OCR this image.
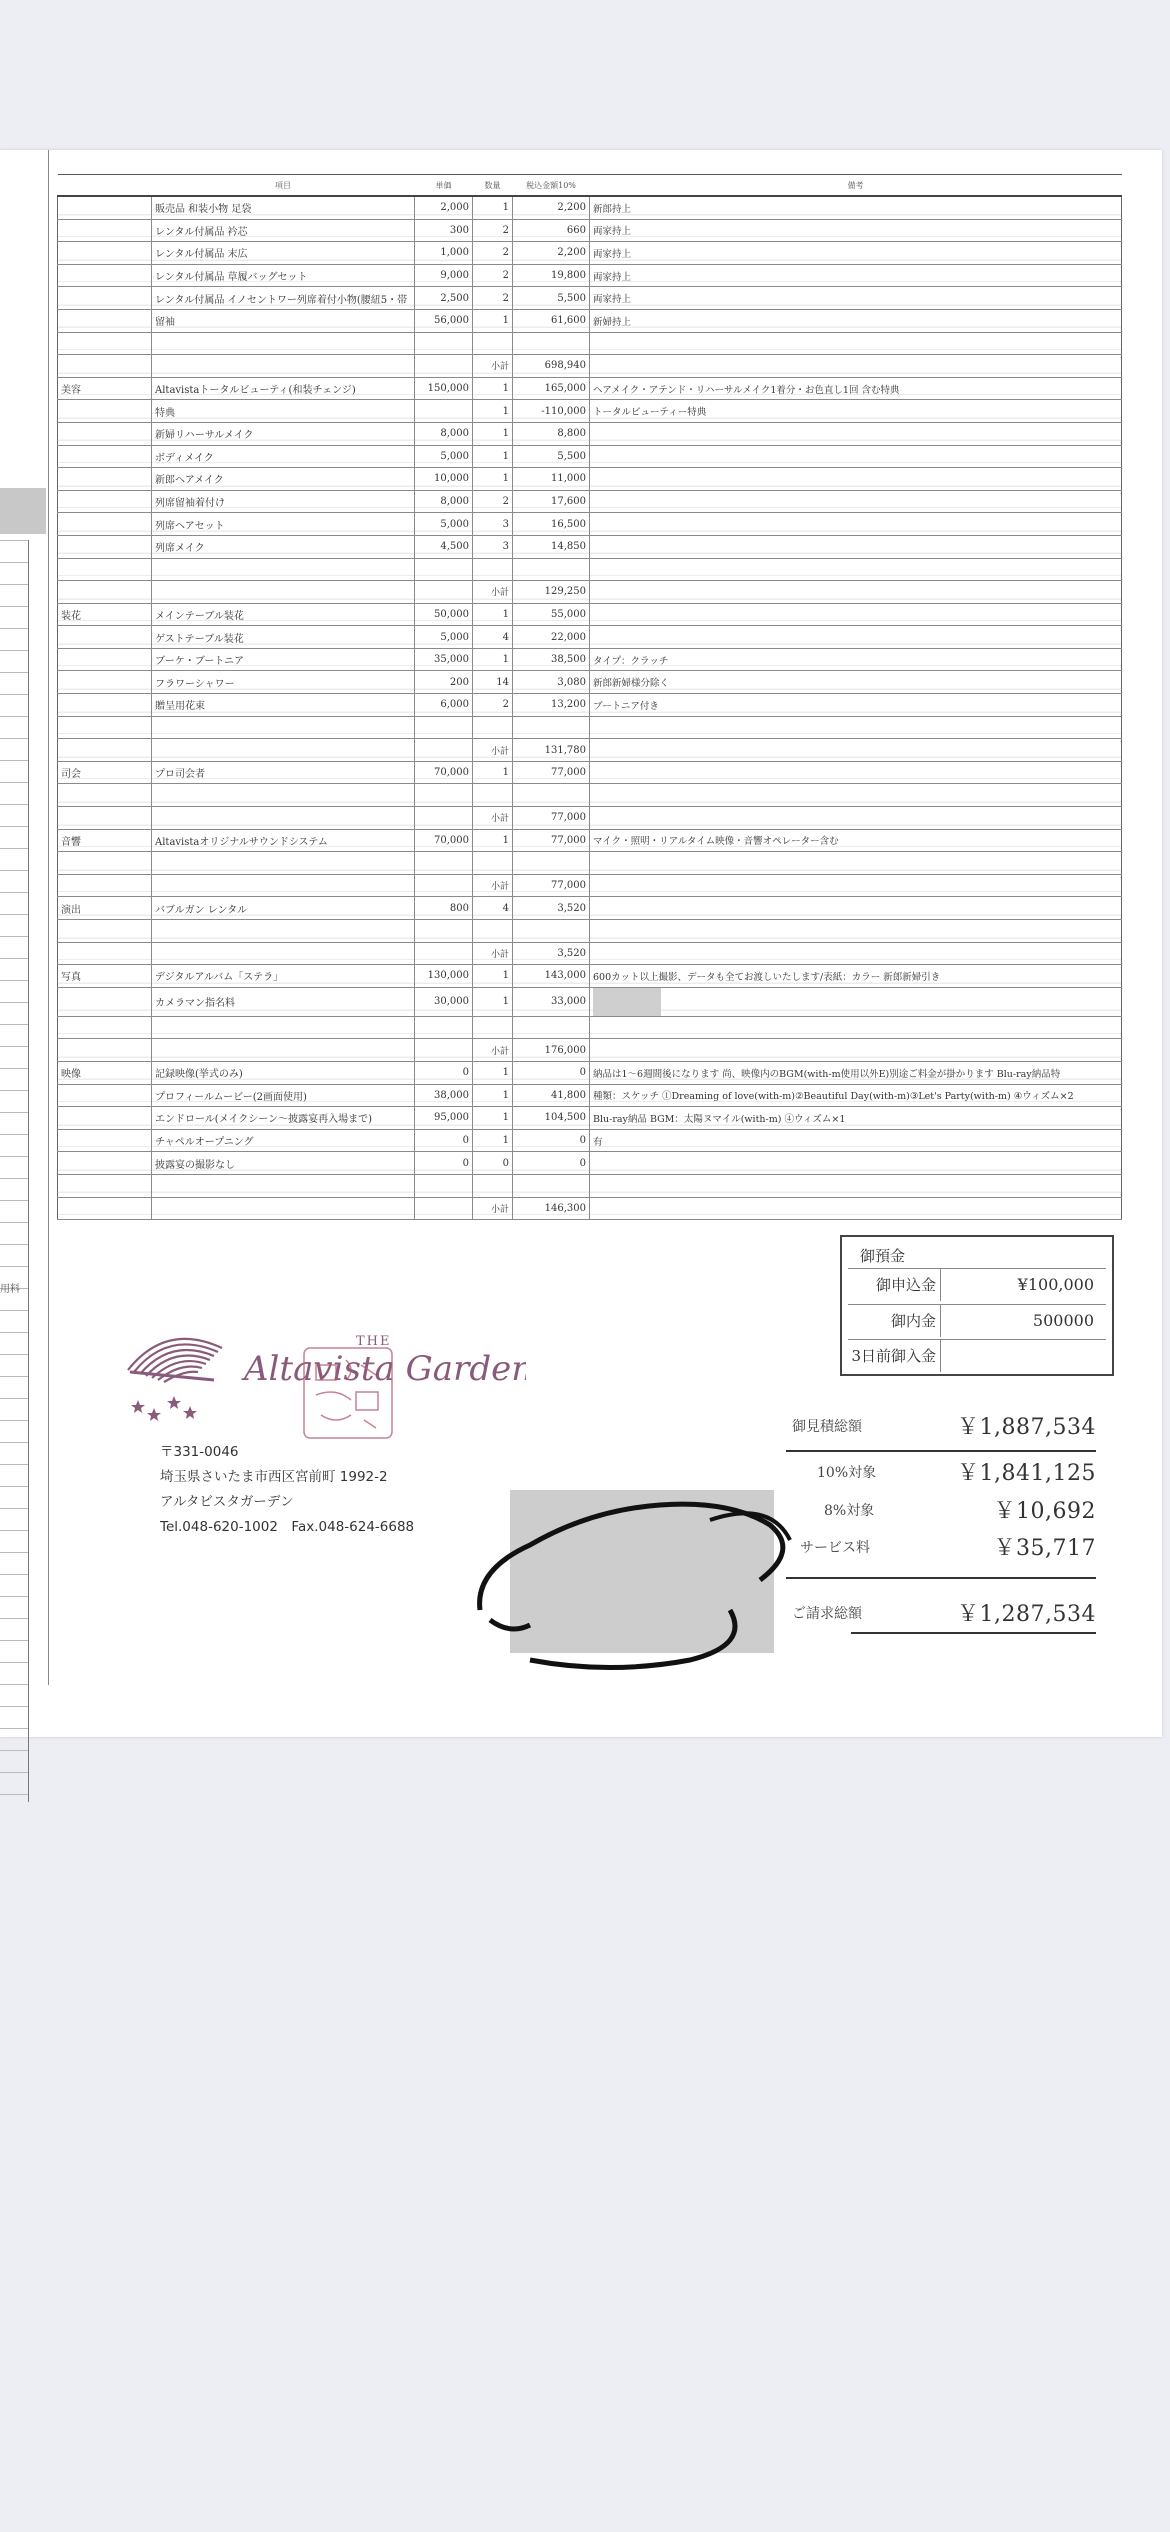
用料
	項目	単価	数量	税込金額10%	備考
	販売品 和装小物 足袋	2,000	1	2,200	新郎持上
	レンタル付属品 衿芯	300	2	660	両家持上
	レンタル付属品 末広	1,000	2	2,200	両家持上
	レンタル付属品 草履バッグセット	9,000	2	19,800	両家持上
	レンタル付属品 イノセントワー列席着付小物(腰紐5・帯	2,500	2	5,500	両家持上
	留袖	56,000	1	61,600	新婦持上

			小計	698,940	
美容	Altavistaトータルビューティ(和装チェンジ)	150,000	1	165,000	ヘアメイク・アテンド・リハーサルメイク1着分・お色直し1回 含む特典
	特典		1	-110,000	トータルビューティー特典
	新婦リハーサルメイク	8,000	1	8,800	
	ボディメイク	5,000	1	5,500	
	新郎ヘアメイク	10,000	1	11,000	
	列席留袖着付け	8,000	2	17,600	
	列席ヘアセット	5,000	3	16,500	
	列席メイク	4,500	3	14,850	

			小計	129,250	
装花	メインテーブル装花	50,000	1	55,000	
	ゲストテーブル装花	5,000	4	22,000	
	ブーケ・ブートニア	35,000	1	38,500	タイプ：クラッチ
	フラワーシャワー	200	14	3,080	新郎新婦様分除く
	贈呈用花束	6,000	2	13,200	ブートニア付き

			小計	131,780	
司会	プロ司会者	70,000	1	77,000	

			小計	77,000	
音響	Altavistaオリジナルサウンドシステム	70,000	1	77,000	マイク・照明・リアルタイム映像・音響オペレーター含む

			小計	77,000	
演出	バブルガン レンタル	800	4	3,520	

			小計	3,520	
写真	デジタルアルバム「ステラ」	130,000	1	143,000	600カット以上撮影、データも全てお渡しいたします/表紙：カラー 新郎新婦引き
	カメラマン指名料	30,000	1	33,000	

			小計	176,000	
映像	記録映像(挙式のみ)	0	1	0	納品は1～6週間後になります 尚、映像内のBGM(with-m使用以外E)別途ご料金が掛かります Blu-ray納品特
	プロフィールムービー(2画面使用)	38,000	1	41,800	種類：スケッチ ①Dreaming of love(with-m)②Beautiful Day(with-m)③Let's Party(with-m) ④ウィズム×2
	エンドロール(メイクシーン～披露宴再入場まで)	95,000	1	104,500	Blu-ray納品 BGM：太陽ヌマイル(with-m) ④ウィズム×1
	チャペルオープニング	0	1	0	有
	披露宴の撮影なし	0	0	0	

			小計	146,300	
御預金
御申込金	¥100,000
御内金	500000
3日前御入金
THE
Altavista Garden
〒331-0046
埼玉県さいたま市西区宮前町 1992-2
アルタビスタガーデン
Tel.048-620-1002　Fax.048-624-6688
御見積総額	￥1,887,534
10%対象	￥1,841,125
8%対象	￥10,692
サービス料	￥35,717
ご請求総額	￥1,287,534
